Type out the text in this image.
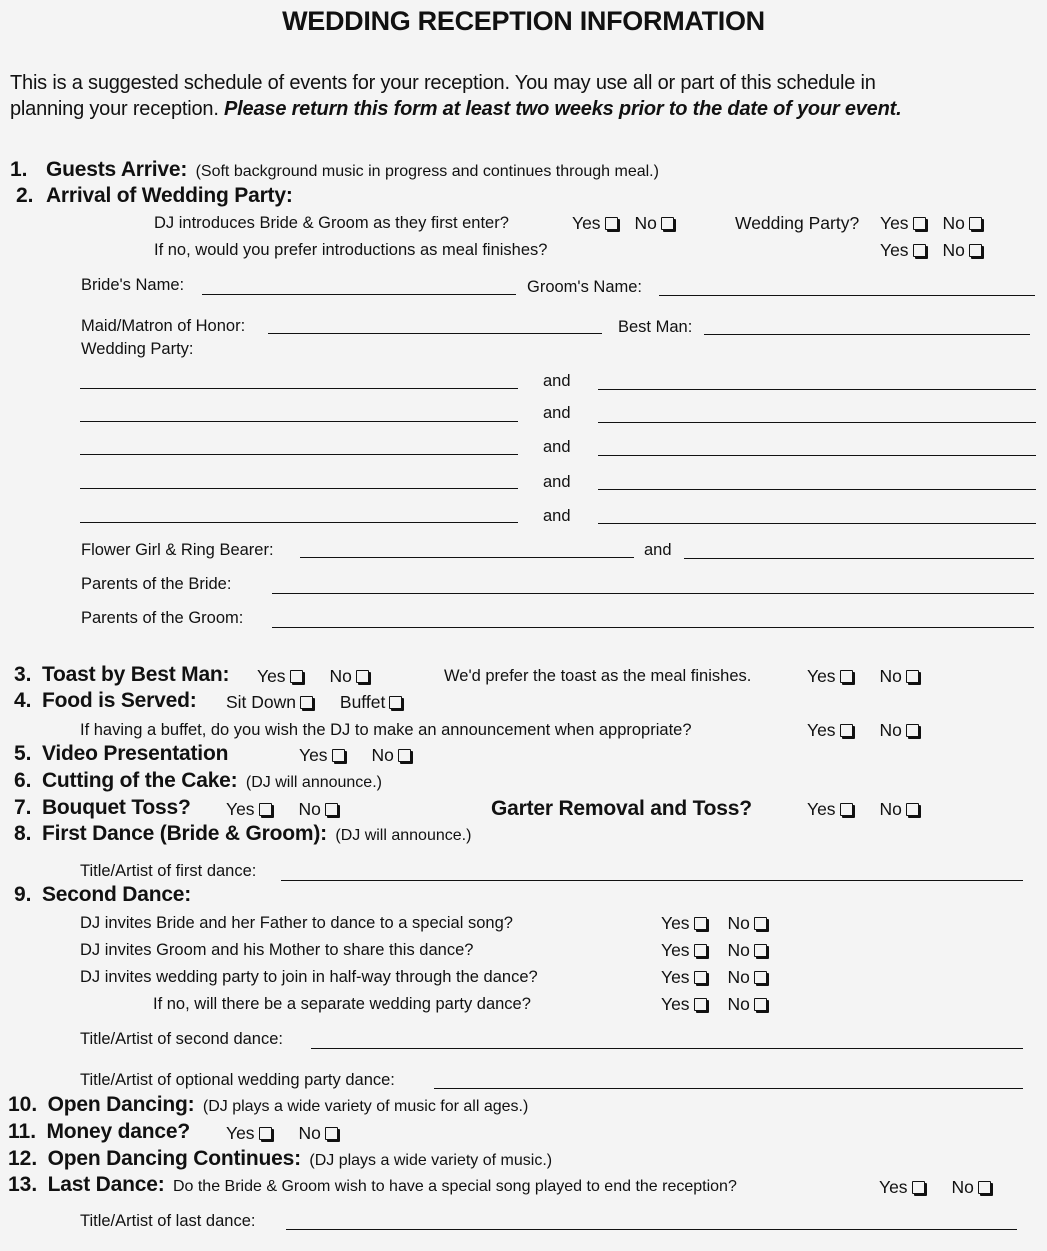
WEDDING RECEPTION INFORMATION
This is a suggested schedule of events for your reception. You may use all or part of this schedule in
planning your reception. Please return this form at least two weeks prior to the date of your event.
1. Guests Arrive: (Soft background music in progress and continues through meal.)
2. Arrival of Wedding Party:
DJ introduces Bride & Groom as they first enter?	Yes No	Wedding Party? Yes No
If no, would you prefer introductions as meal finishes?	Yes No
Bride's Name:	Groom's Name:
Maid/Matron of Honor:	Best Man:
Wedding Party:
and
and
and
and
and
Flower Girl & Ring Bearer:	and
Parents of the Bride:
Parents of the Groom:
3. Toast by Best Man: Yes	No	We'd prefer the toast as the meal finishes.	Yes	No
4. Food is Served: Sit Down	Buffet
If having a buffet, do you wish the DJ to make an announcement when appropriate?	Yes	No
5. Video Presentation	Yes	No
6. Cutting of the Cake: (DJ will announce.)
7. Bouquet Toss? Yes	No	Garter Removal and Toss?	Yes	No
8. First Dance (Bride & Groom): (DJ will announce.)
Title/Artist of first dance:
9. Second Dance:
DJ invites Bride and her Father to dance to a special song?	Yes No
DJ invites Groom and his Mother to share this dance?	Yes No
DJ invites wedding party to join in half-way through the dance?	Yes No
If no, will there be a separate wedding party dance?	Yes No
Title/Artist of second dance:
Title/Artist of optional wedding party dance:
10. Open Dancing: (DJ plays a wide variety of music for all ages.)
11. Money dance? Yes	No
12. Open Dancing Continues: (DJ plays a wide variety of music.)
13. Last Dance: Do the Bride & Groom wish to have a special song played to end the reception?	Yes	No
Title/Artist of last dance:
